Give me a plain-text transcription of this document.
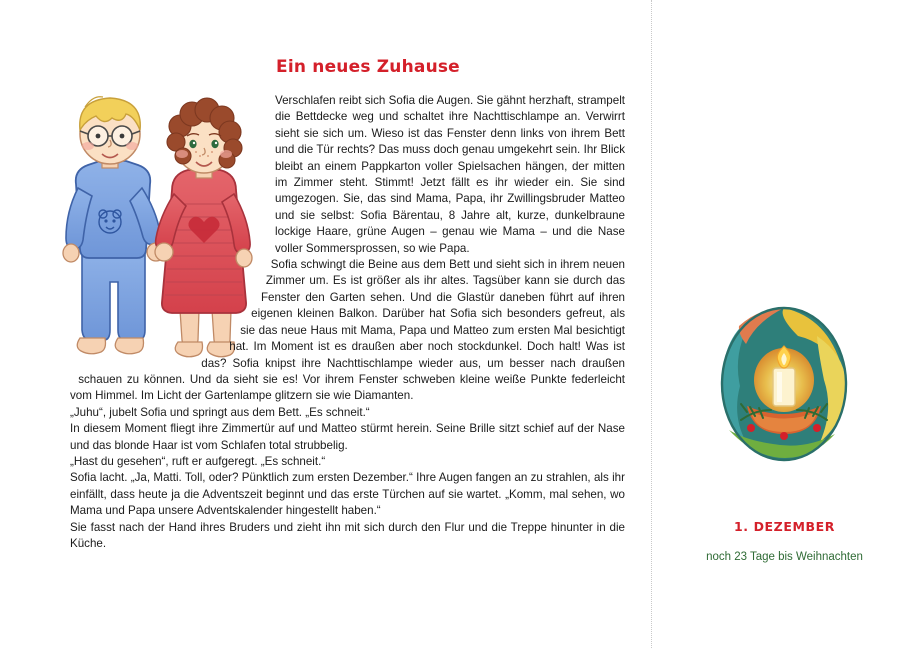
Ein neues Zuhause

Verschlafen reibt sich Sofia die Augen. Sie gähnt herzhaft, strampelt die Bettdecke weg und schaltet ihre Nachttischlampe an. Verwirrt sieht sie sich um. Wieso ist das Fenster denn links von ihrem Bett und die Tür rechts? Das muss doch genau umgekehrt sein. Ihr Blick bleibt an einem Pappkarton voller Spielsachen hängen, der mitten im Zimmer steht. Stimmt! Jetzt fällt es ihr wieder ein. Sie sind umgezogen. Sie, das sind Mama, Papa, ihr Zwillingsbruder Matteo und sie selbst: Sofia Bärentau, 8 Jahre alt, kurze, dunkelbraune lockige Haare, grüne Augen – genau wie Mama – und die Nase voller Sommersprossen, so wie Papa.

Sofia schwingt die Beine aus dem Bett und sieht sich in ihrem neuen Zimmer um. Es ist größer als ihr altes. Tagsüber kann sie durch das Fenster den Garten sehen. Und die Glastür daneben führt auf ihren eigenen kleinen Balkon. Darüber hat Sofia sich besonders gefreut, als sie das neue Haus mit Mama, Papa und Matteo zum ersten Mal besichtigt hat. Im Moment ist es draußen aber noch stockdunkel. Doch halt! Was ist das? Sofia knipst ihre Nachttischlampe wieder aus, um besser nach draußen schauen zu können. Und da sieht sie es! Vor ihrem Fenster schweben kleine weiße Punkte federleicht vom Himmel. Im Licht der Gartenlampe glitzern sie wie Diamanten.

„Juhu“, jubelt Sofia und springt aus dem Bett. „Es schneit.“

In diesem Moment fliegt ihre Zimmertür auf und Matteo stürmt herein. Seine Brille sitzt schief auf der Nase und das blonde Haar ist vom Schlafen total strubbelig.

„Hast du gesehen“, ruft er aufgeregt. „Es schneit.“

Sofia lacht. „Ja, Matti. Toll, oder? Pünktlich zum ersten Dezember.“ Ihre Augen fangen an zu strahlen, als ihr einfällt, dass heute ja die Adventszeit beginnt und das erste Türchen auf sie wartet. „Komm, mal sehen, wo Mama und Papa unsere Adventskalender hingestellt haben.“

Sie fasst nach der Hand ihres Bruders und zieht ihn mit sich durch den Flur und die Treppe hinunter in die Küche.

1. DEZEMBER
noch 23 Tage bis Weihnachten
